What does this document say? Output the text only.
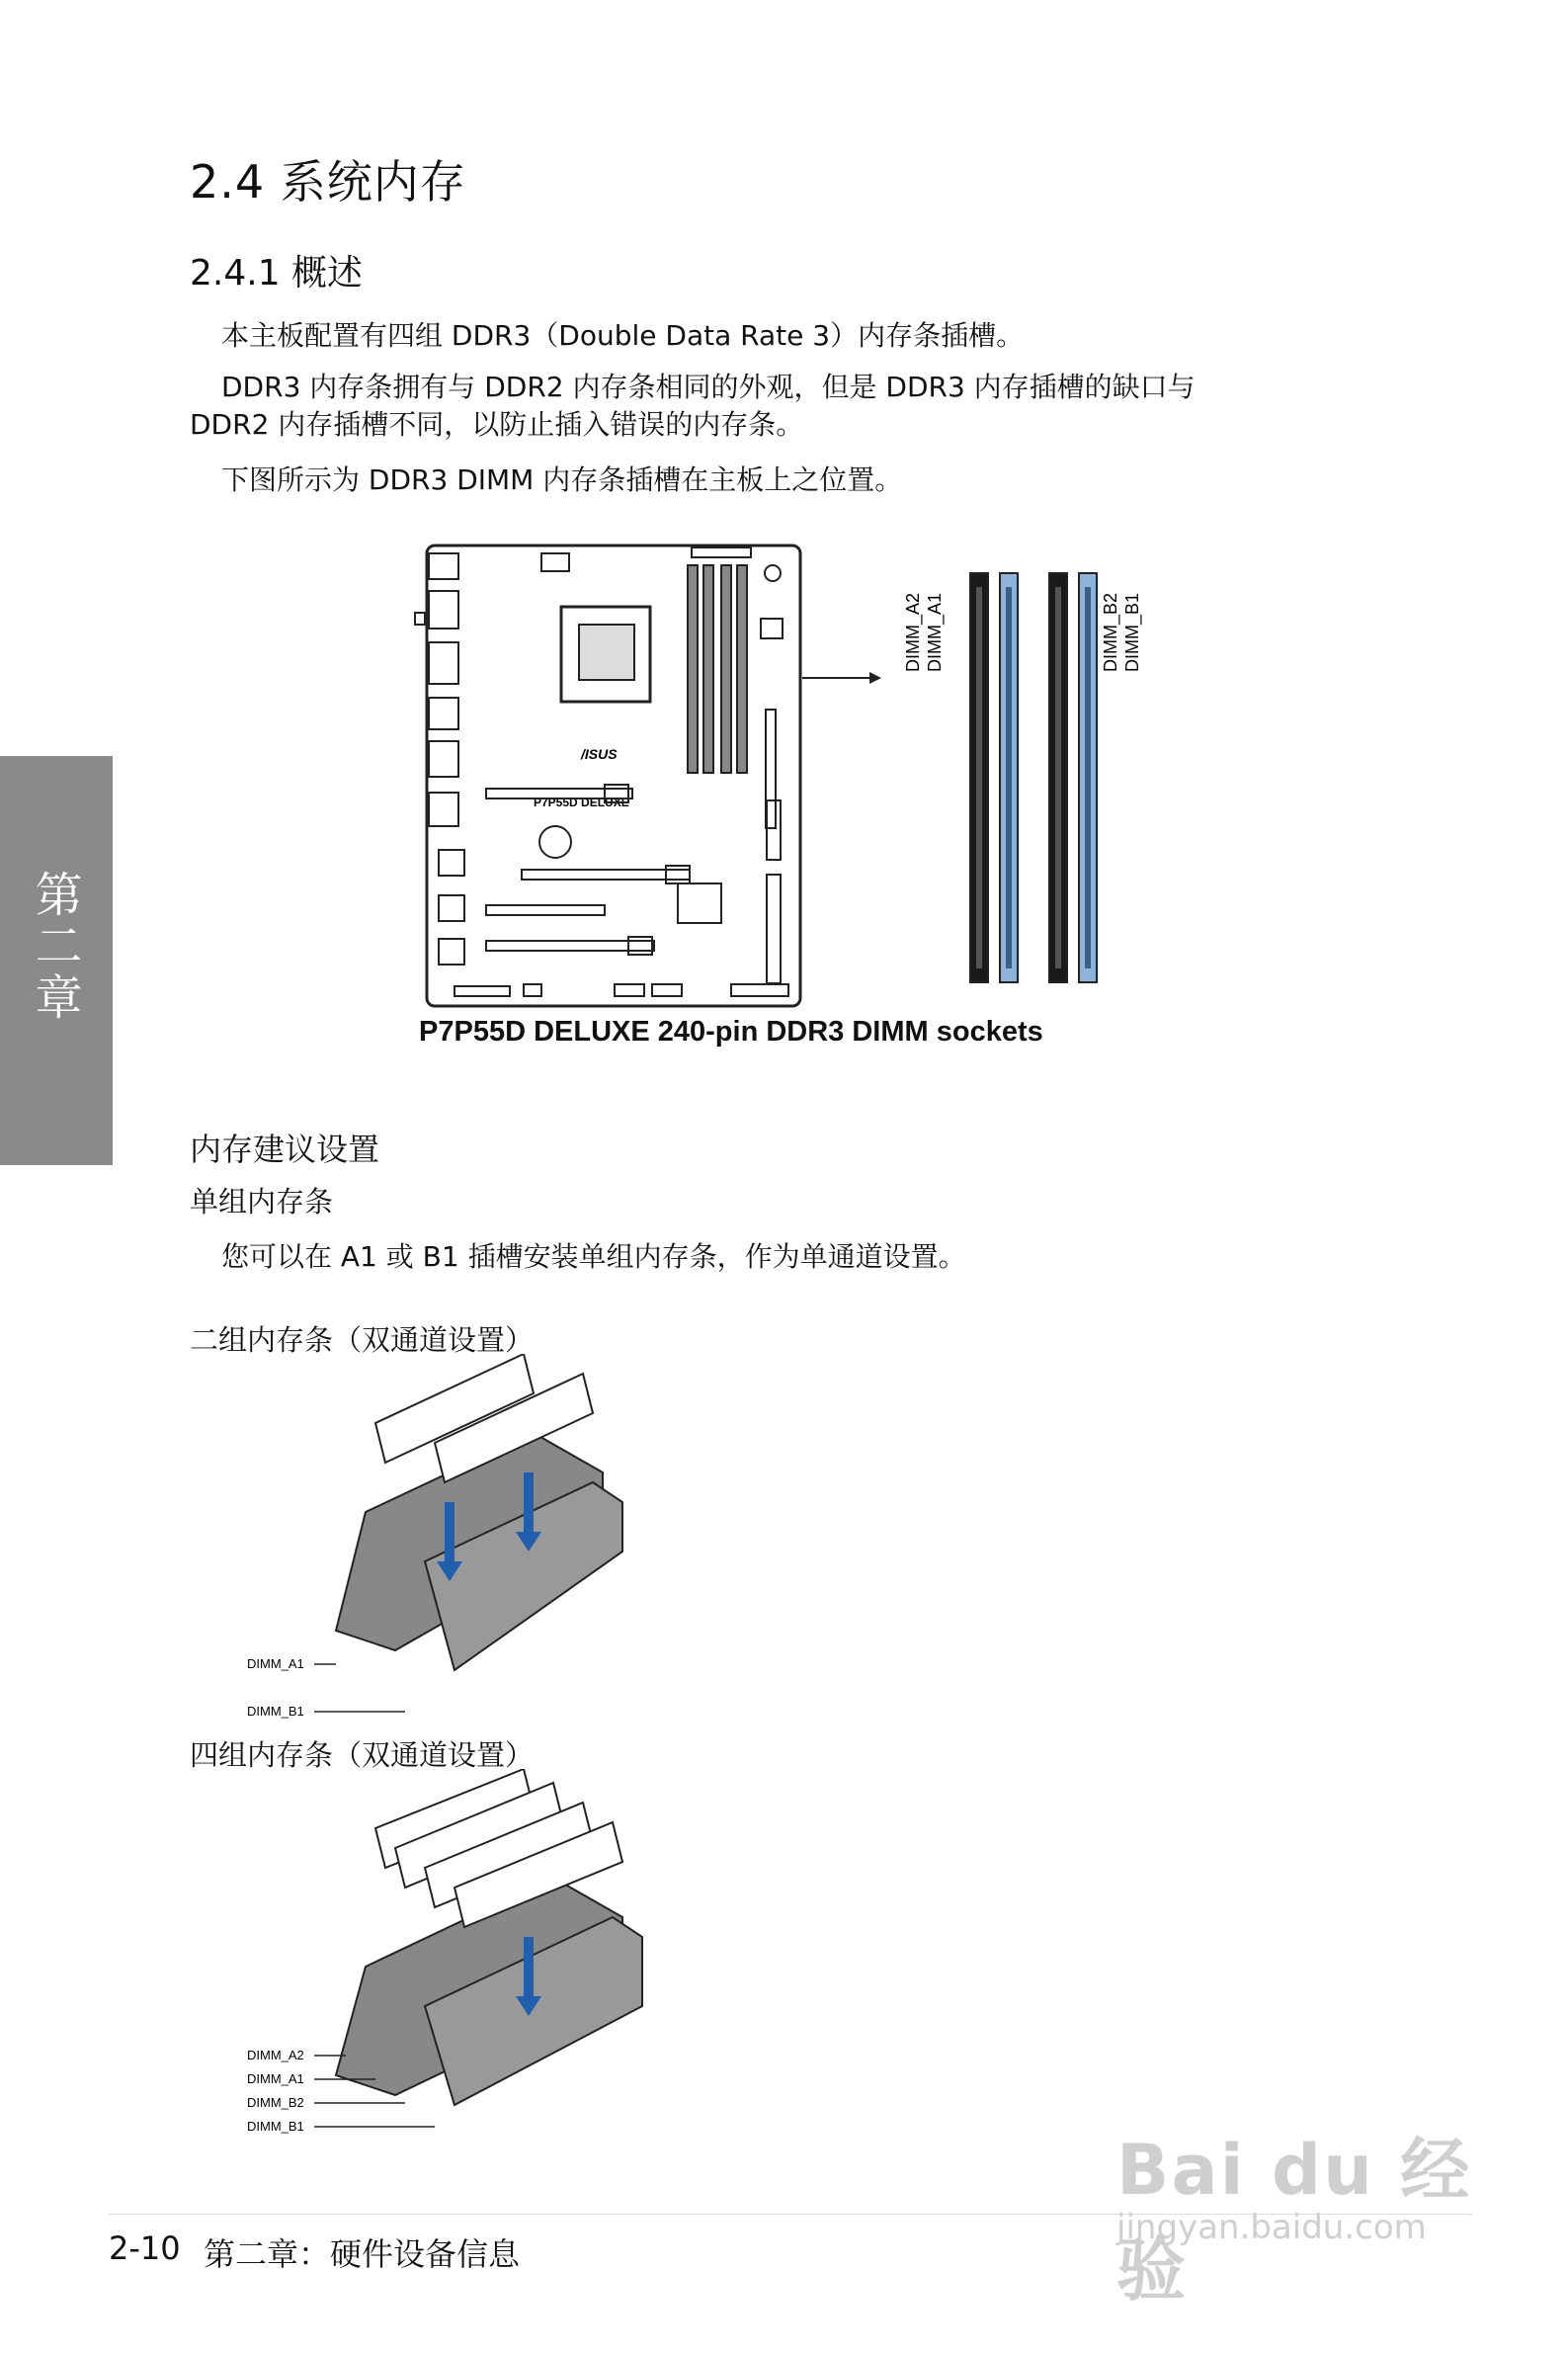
2.4 系统内存
2.4.1 概述
本主板配置有四组 DDR3（Double Data Rate 3）内存条插槽。
DDR3 内存条拥有与 DDR2 内存条相同的外观，但是 DDR3 内存插槽的缺口与
DDR2 内存插槽不同，以防止插入错误的内存条。
下图所示为 DDR3 DIMM 内存条插槽在主板上之位置。
第二章
/ISUS
P7P55D DELUXE
DIMM_A2 DIMM_A1	DIMM_B2 DIMM_B1
P7P55D DELUXE 240-pin DDR3 DIMM sockets
内存建议设置
单组内存条
您可以在 A1 或 B1 插槽安装单组内存条，作为单通道设置。
二组内存条（双通道设置）
DIMM_A1
DIMM_B1
四组内存条（双通道设置）
DIMM_A2
DIMM_A1
DIMM_B2
DIMM_B1
2-10 第二章：硬件设备信息
Bai du 经验
jingyan.baidu.com
